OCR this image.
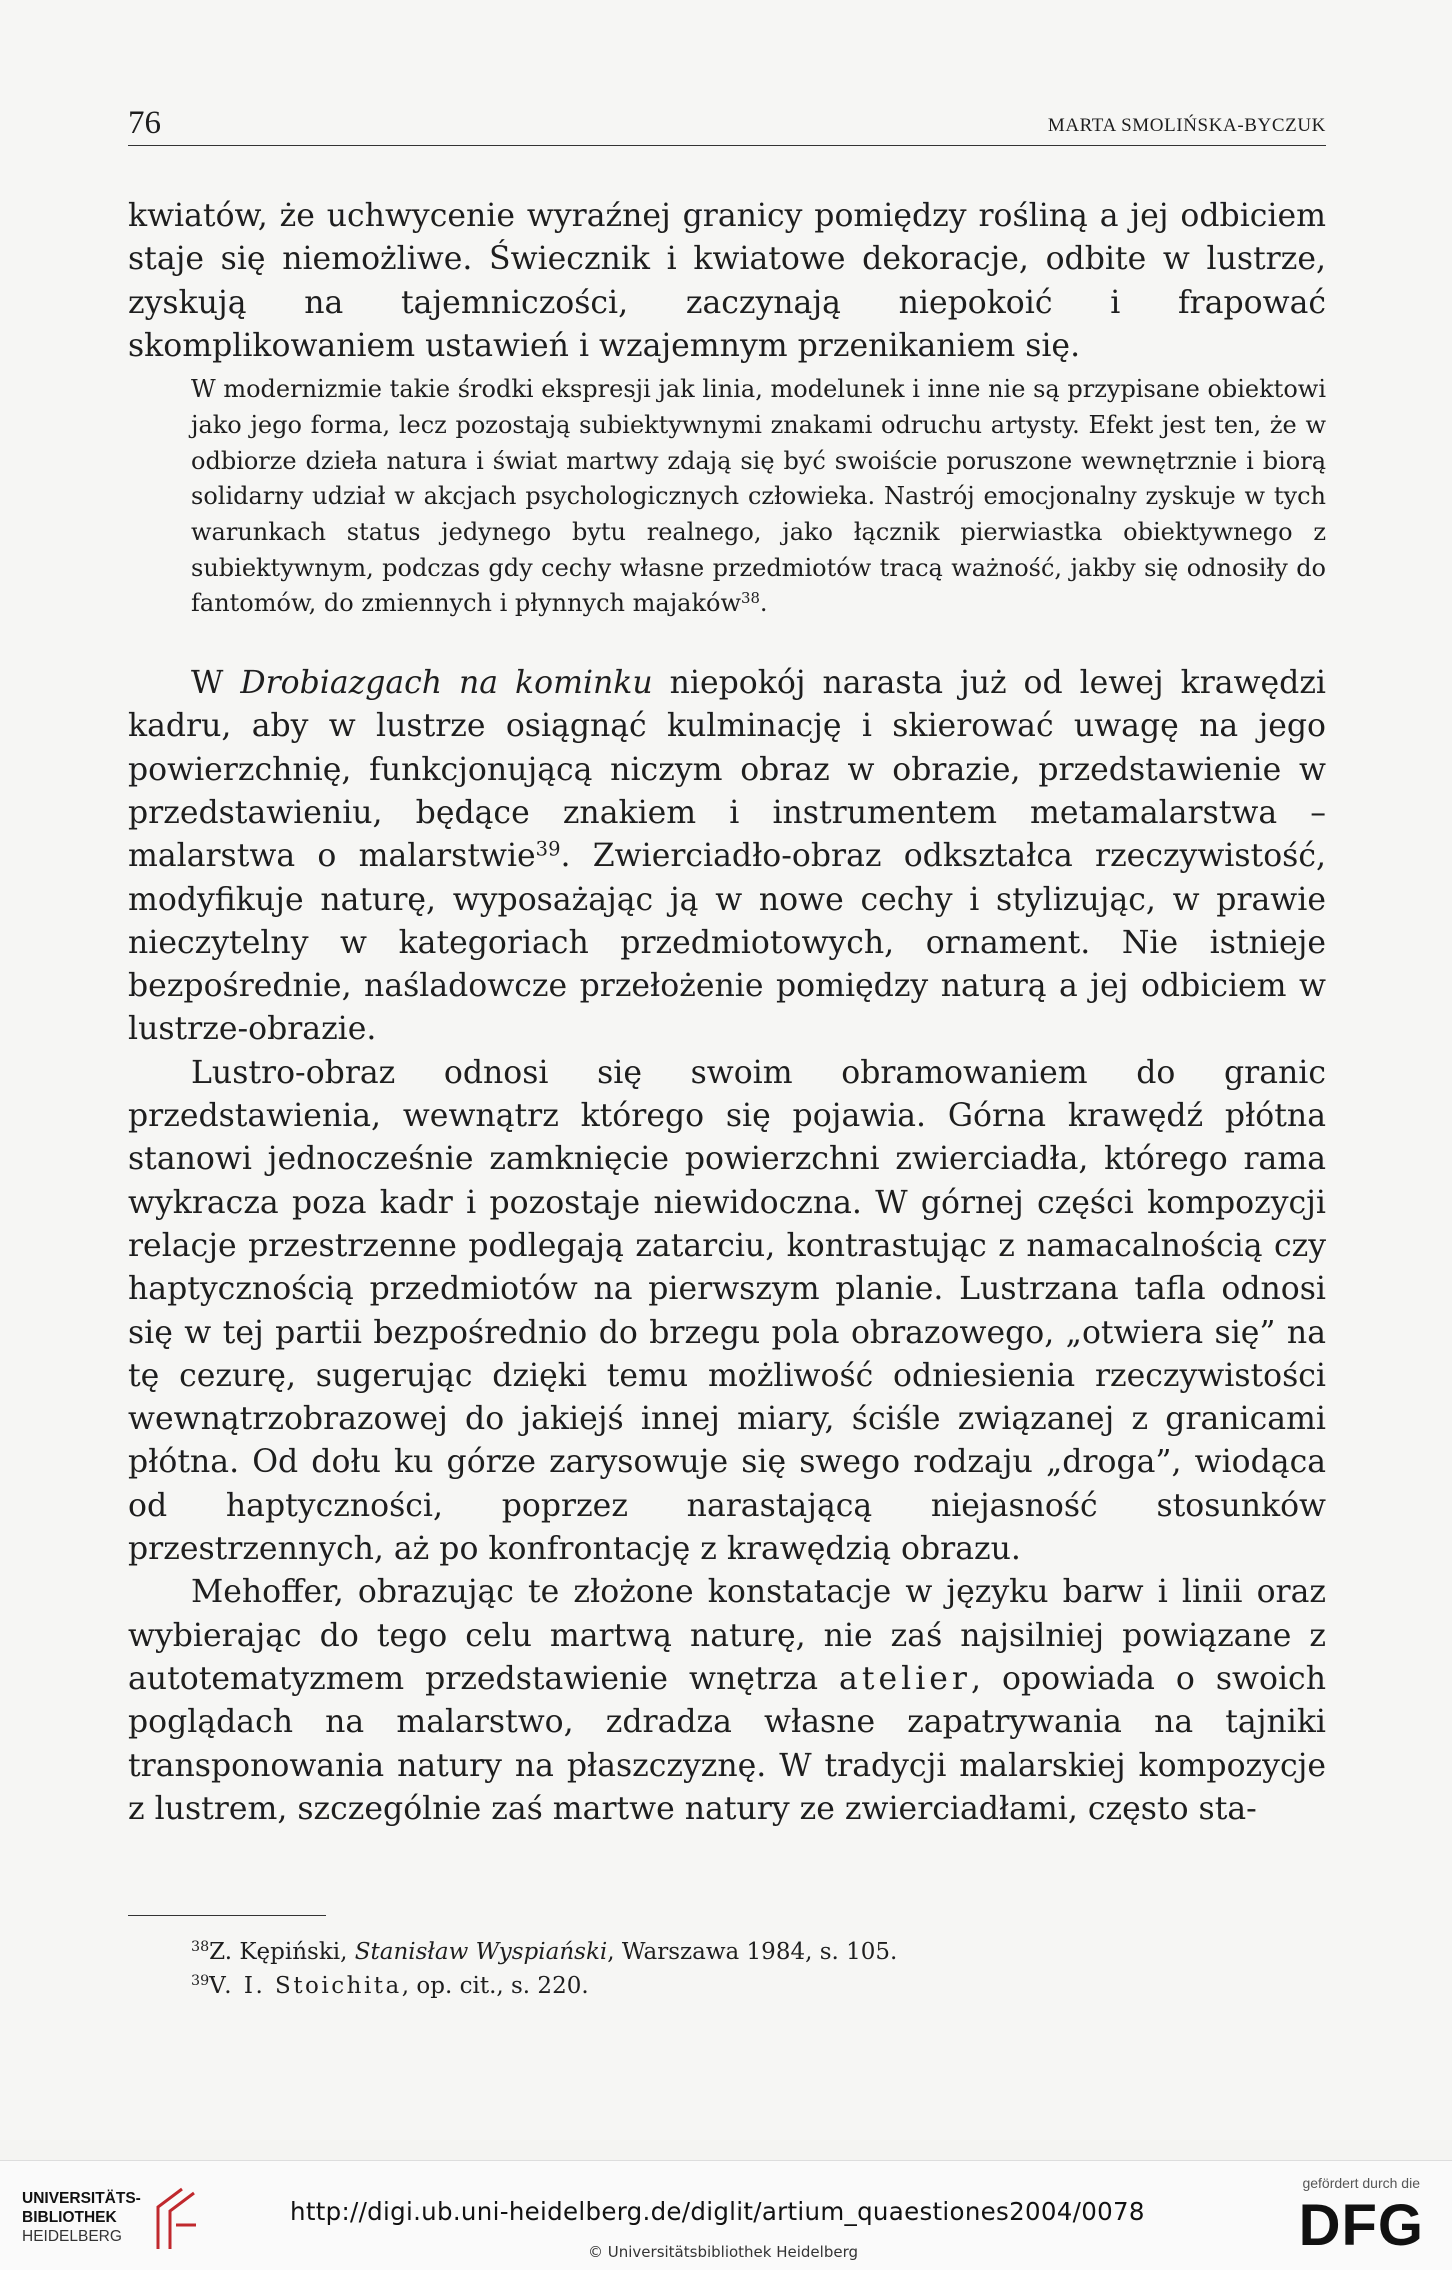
76	MARTA SMOLIŃSKA-BYCZUK

kwiatów, że uchwycenie wyraźnej granicy pomiędzy rośliną a jej odbiciem staje się niemożliwe. Świecznik i kwiatowe dekoracje, odbite w lustrze, zyskują na tajemniczości, zaczynają niepokoić i frapować skomplikowaniem ustawień i wzajemnym przenikaniem się.

W modernizmie takie środki ekspresji jak linia, modelunek i inne nie są przypisane obiektowi jako jego forma, lecz pozostają subiektywnymi znakami odruchu artysty. Efekt jest ten, że w odbiorze dzieła natura i świat martwy zdają się być swoiście poruszone wewnętrznie i biorą solidarny udział w akcjach psychologicznych człowieka. Nastrój emocjonalny zyskuje w tych warunkach status jedynego bytu realnego, jako łącznik pierwiastka obiektywnego z subiektywnym, podczas gdy cechy własne przedmiotów tracą ważność, jakby się odnosiły do fantomów, do zmiennych i płynnych majaków$^{38}$.

W Drobiazgach na kominku niepokój narasta już od lewej krawędzi kadru, aby w lustrze osiągnąć kulminację i skierować uwagę na jego powierzchnię, funkcjonującą niczym obraz w obrazie, przedstawienie w przedstawieniu, będące znakiem i instrumentem metamalarstwa – malarstwa o malarstwie$^{39}$. Zwierciadło-obraz odkształca rzeczywistość, modyfikuje naturę, wyposażając ją w nowe cechy i stylizując, w prawie nieczytelny w kategoriach przedmiotowych, ornament. Nie istnieje bezpośrednie, naśladowcze przełożenie pomiędzy naturą a jej odbiciem w lustrze-obrazie.

Lustro-obraz odnosi się swoim obramowaniem do granic przedstawienia, wewnątrz którego się pojawia. Górna krawędź płótna stanowi jednocześnie zamknięcie powierzchni zwierciadła, którego rama wykracza poza kadr i pozostaje niewidoczna. W górnej części kompozycji relacje przestrzenne podlegają zatarciu, kontrastując z namacalnością czy haptycznością przedmiotów na pierwszym planie. Lustrzana tafla odnosi się w tej partii bezpośrednio do brzegu pola obrazowego, „otwiera się” na tę cezurę, sugerując dzięki temu możliwość odniesienia rzeczywistości wewnątrzobrazowej do jakiejś innej miary, ściśle związanej z granicami płótna. Od dołu ku górze zarysowuje się swego rodzaju „droga”, wiodąca od haptyczności, poprzez narastającą niejasność stosunków przestrzennych, aż po konfrontację z krawędzią obrazu.

Mehoffer, obrazując te złożone konstatacje w języku barw i linii oraz wybierając do tego celu martwą naturę, nie zaś najsilniej powiązane z autotematyzmem przedstawienie wnętrza atelier, opowiada o swoich poglądach na malarstwo, zdradza własne zapatrywania na tajniki transponowania natury na płaszczyznę. W tradycji malarskiej kompozycje z lustrem, szczególnie zaś martwe natury ze zwierciadłami, często sta-

$^{38}$Z. Kępiński, Stanisław Wyspiański, Warszawa 1984, s. 105.
$^{39}$V. I. Stoichita, op. cit., s. 220.
UNIVERSITÄTS-
BIBLIOTHEK
HEIDELBERG
http://digi.ub.uni-heidelberg.de/diglit/artium_quaestiones2004/0078
© Universitätsbibliothek Heidelberg
gefördert durch die
DFG
